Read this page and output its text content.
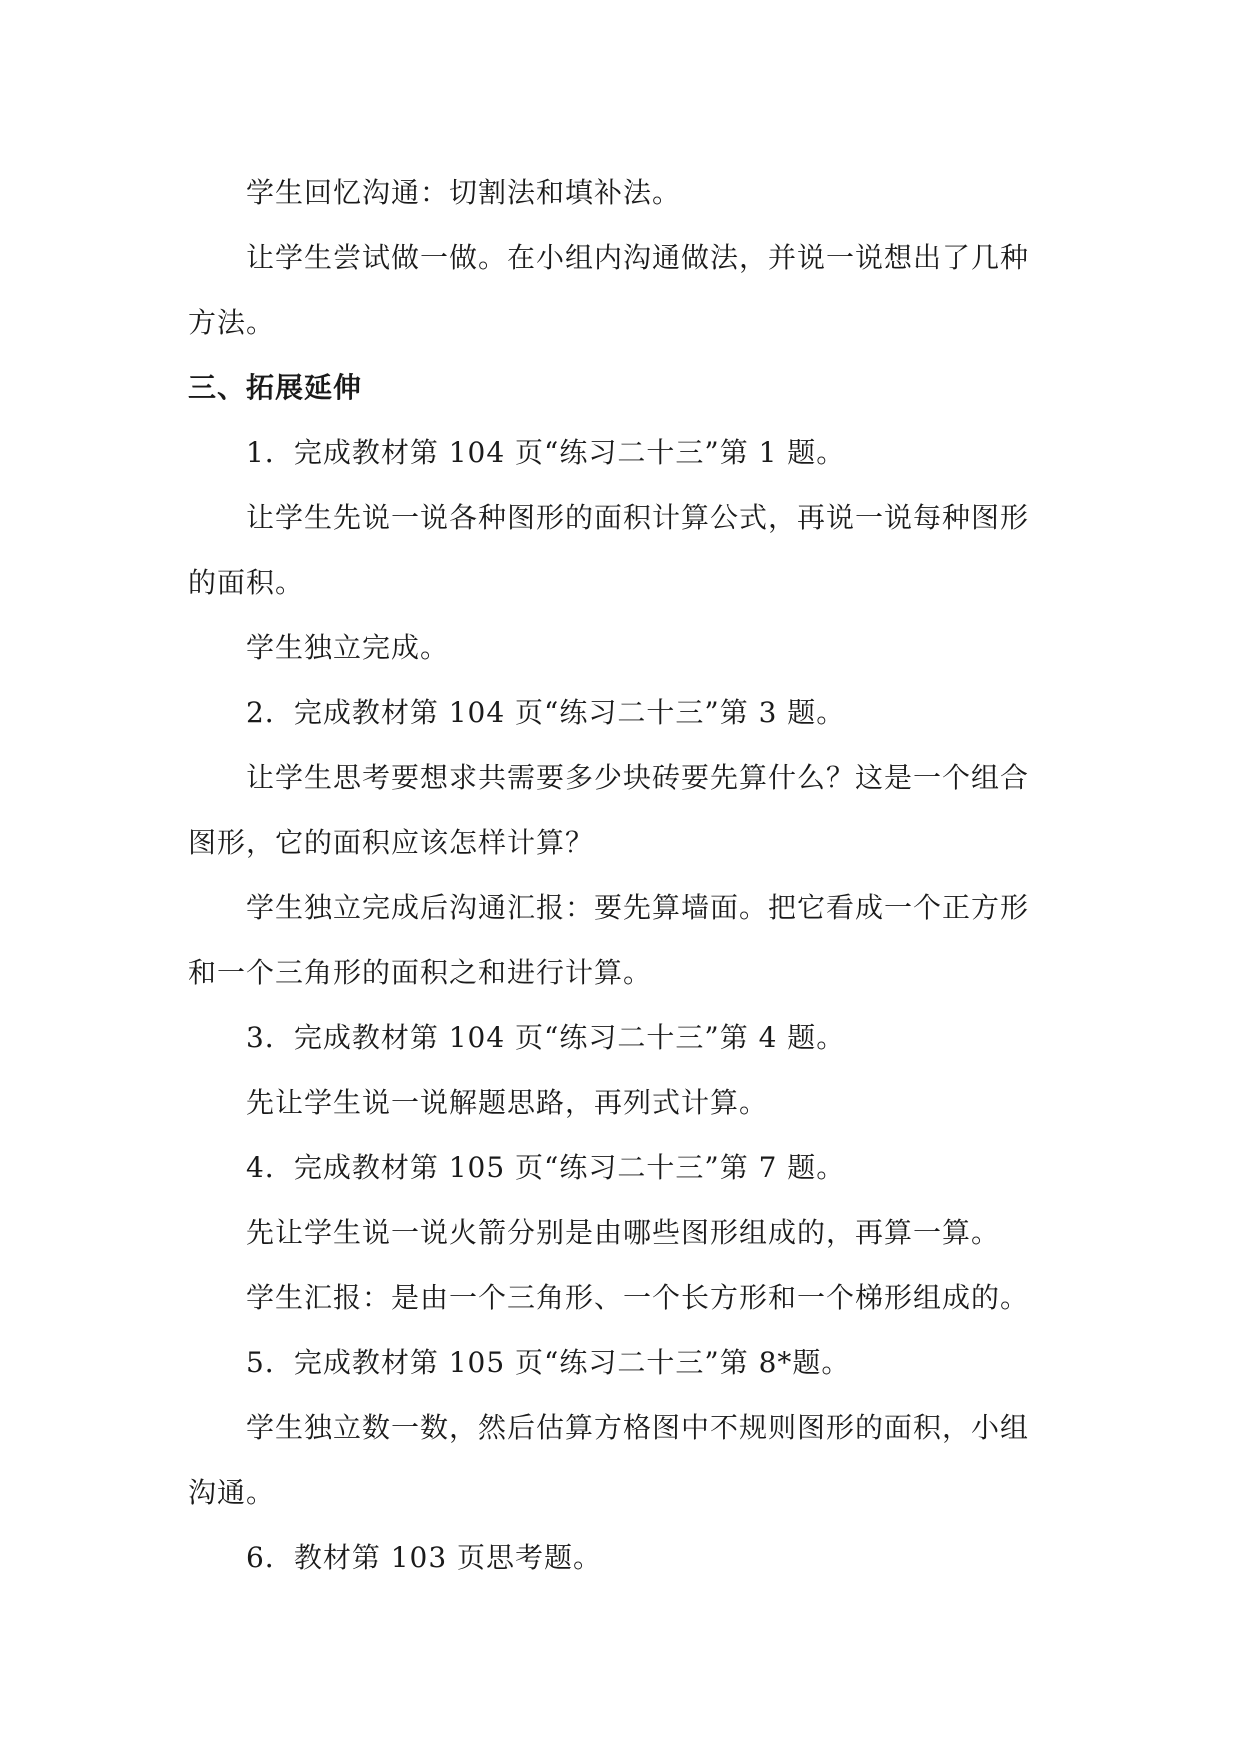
学生回忆沟通：切割法和填补法。

让学生尝试做一做。在小组内沟通做法，并说一说想出了几种方法。

三、拓展延伸

1．完成教材第 104 页“练习二十三”第 1 题。

让学生先说一说各种图形的面积计算公式，再说一说每种图形的面积。

学生独立完成。

2．完成教材第 104 页“练习二十三”第 3 题。

让学生思考要想求共需要多少块砖要先算什么？这是一个组合图形，它的面积应该怎样计算？

学生独立完成后沟通汇报：要先算墙面。把它看成一个正方形和一个三角形的面积之和进行计算。

3．完成教材第 104 页“练习二十三”第 4 题。

先让学生说一说解题思路，再列式计算。

4．完成教材第 105 页“练习二十三”第 7 题。

先让学生说一说火箭分别是由哪些图形组成的，再算一算。

学生汇报：是由一个三角形、一个长方形和一个梯形组成的。

5．完成教材第 105 页“练习二十三”第 8*题。

学生独立数一数，然后估算方格图中不规则图形的面积，小组沟通。

6．教材第 103 页思考题。
